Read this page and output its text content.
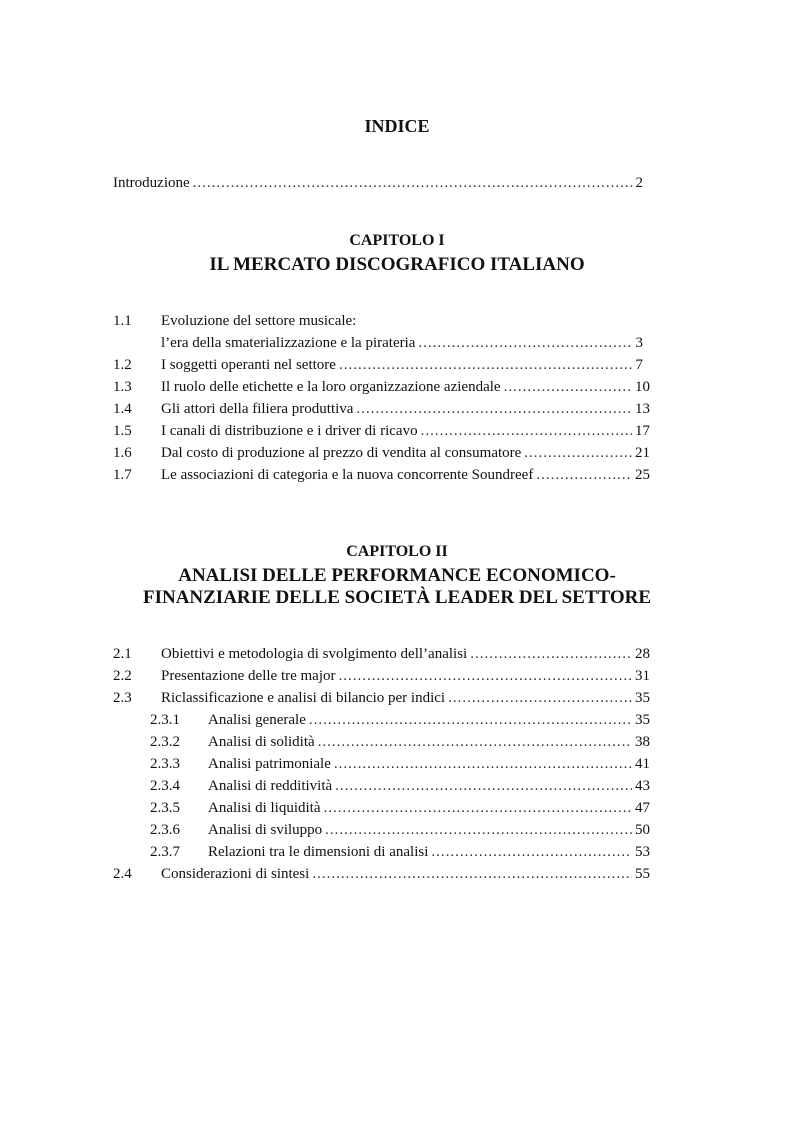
INDICE
Introduzione .....	2
CAPITOLO I
IL MERCATO DISCOGRAFICO ITALIANO
1.1 Evoluzione del settore musicale:
l’era della smaterializzazione e la pirateria .....	3
1.2 I soggetti operanti nel settore .....	7
1.3 Il ruolo delle etichette e la loro organizzazione aziendale .....	10
1.4 Gli attori della filiera produttiva .....	13
1.5 I canali di distribuzione e i driver di ricavo .....	17
1.6 Dal costo di produzione al prezzo di vendita al consumatore .....	21
1.7 Le associazioni di categoria e la nuova concorrente Soundreef .....	25
CAPITOLO II
ANALISI DELLE PERFORMANCE ECONOMICO-
FINANZIARIE DELLE SOCIETÀ LEADER DEL SETTORE
2.1 Obiettivi e metodologia di svolgimento dell’analisi .....	28
2.2 Presentazione delle tre major .....	31
2.3 Riclassificazione e analisi di bilancio per indici .....	35
2.3.1 Analisi generale .....	35
2.3.2 Analisi di solidità .....	38
2.3.3 Analisi patrimoniale .....	41
2.3.4 Analisi di redditività .....	43
2.3.5 Analisi di liquidità .....	47
2.3.6 Analisi di sviluppo .....	50
2.3.7 Relazioni tra le dimensioni di analisi .....	53
2.4 Considerazioni di sintesi .....	55
